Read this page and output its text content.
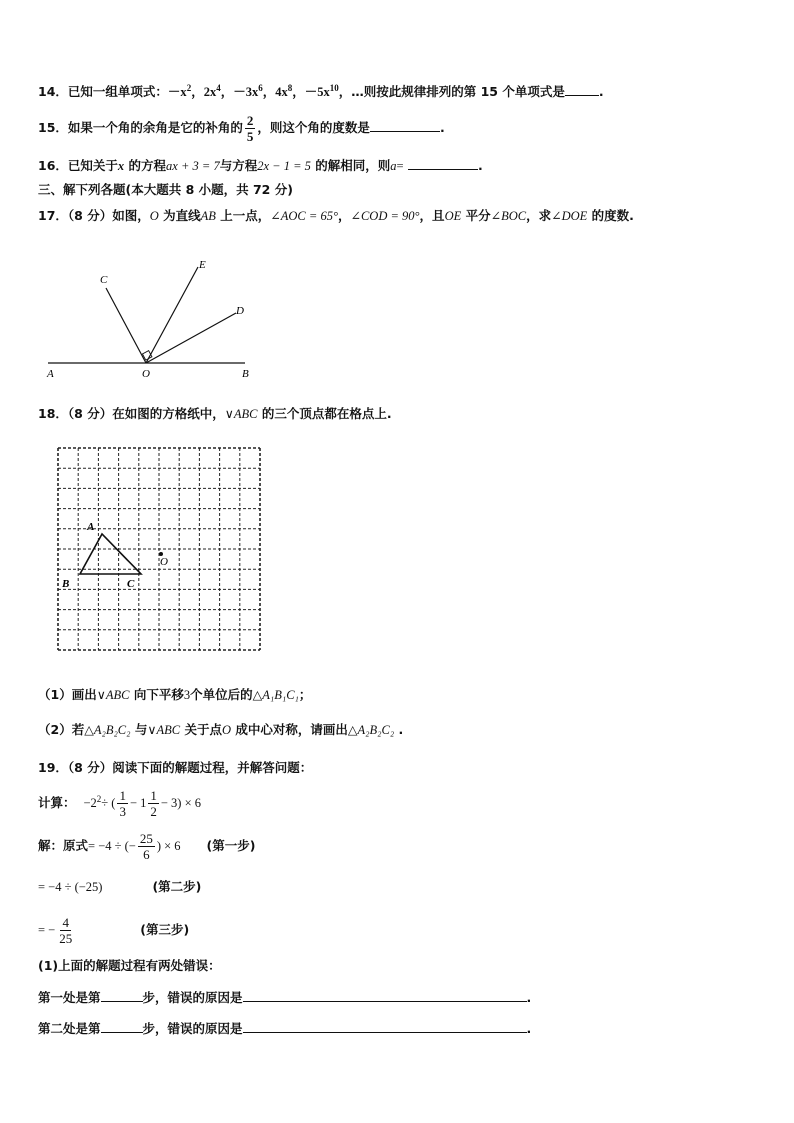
14．已知一组单项式：$-x^2$，$2x^4$，$-3x^6$，$4x^8$，$-5x^{10}$，…则按此规律排列的第 15 个单项式是	.
15．如果一个角的余角是它的补角的 $\frac{2}{5}$ ，则这个角的度数是	.
16．已知关于x 的方程ax + 3 = 7与方程2x − 1 = 5 的解相同，则a=	.
三、解下列各题(本大题共 8 小题，共 72 分)
17．（8 分）如图，O 为直线AB 上一点，∠AOC = 65°，∠COD = 90°，且OE 平分∠BOC，求∠DOE 的度数.
A	O	B
C
E
D
18．（8 分）在如图的方格纸中，∨ABC 的三个顶点都在格点上.
A
B	C
O
（1）画出∨ABC 向下平移3个单位后的△A₁B₁C₁；
（2）若△A₂B₂C₂ 与∨ABC 关于点O 成中心对称，请画出△A₂B₂C₂ .
19．（8 分）阅读下面的解题过程，并解答问题：
计算： $-2^2\div$ ( $\frac{1}{3} - 1 \frac{1}{2} - 3) \times 6$
解：原式= −4 ÷ (− $\frac{25}{6}$ ) × 6 (第一步)
= −4 ÷ (−25)	(第二步)
= − $\frac{4}{25}$	(第三步)
(1)上面的解题过程有两处错误：
第一处是第	步，错误的原因是	.
第二处是第	步，错误的原因是	.
